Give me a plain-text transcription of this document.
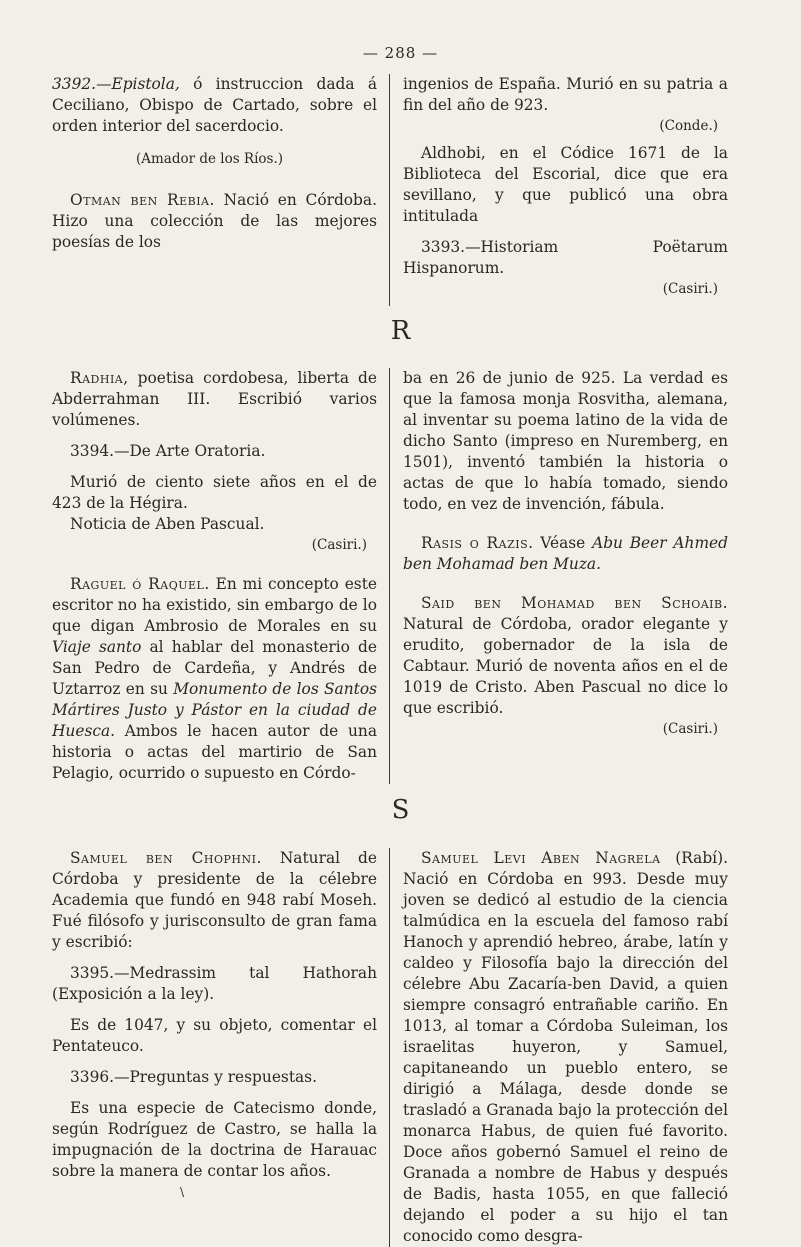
— 288 —

3392.—Epistola, ó instruccion dada á Ceciliano, Obispo de Cartado, sobre el orden interior del sacerdocio.

(Amador de los Ríos.)

Otman ben Rebia. Nació en Córdoba. Hizo una colección de las mejores poesías de los

ingenios de España. Murió en su patria a fin del año de 923.

(Conde.)

Aldhobi, en el Códice 1671 de la Biblioteca del Escorial, dice que era sevillano, y que publicó una obra intitulada

3393.—Historiam Poëtarum Hispanorum.

(Casiri.)

R

Radhia, poetisa cordobesa, liberta de Abderrahman III. Escribió varios volúmenes.

3394.—De Arte Oratoria.

Murió de ciento siete años en el de 423 de la Hégira.

Noticia de Aben Pascual.

(Casiri.)

Raguel ó Raquel. En mi concepto este escritor no ha existido, sin embargo de lo que digan Ambrosio de Morales en su Viaje santo al hablar del monasterio de San Pedro de Cardeña, y Andrés de Uztarroz en su Monumento de los Santos Mártires Justo y Pástor en la ciudad de Huesca. Ambos le hacen autor de una historia o actas del martirio de San Pelagio, ocurrido o supuesto en Córdo-

ba en 26 de junio de 925. La verdad es que la famosa monja Rosvitha, alemana, al inventar su poema latino de la vida de dicho Santo (impreso en Nuremberg, en 1501), inventó también la historia o actas de que lo había tomado, siendo todo, en vez de invención, fábula.

Rasis o Razis. Véase Abu Beer Ahmed ben Mohamad ben Muza.

Said ben Mohamad ben Schoaib. Natural de Córdoba, orador elegante y erudito, gobernador de la isla de Cabtaur. Murió de noventa años en el de 1019 de Cristo. Aben Pascual no dice lo que escribió.

(Casiri.)

S

Samuel ben Chophni. Natural de Córdoba y presidente de la célebre Academia que fundó en 948 rabí Moseh. Fué filósofo y jurisconsulto de gran fama y escribió:

3395.—Medrassim tal Hathorah (Exposición a la ley).

Es de 1047, y su objeto, comentar el Pentateuco.

3396.—Preguntas y respuestas.

Es una especie de Catecismo donde, según Rodríguez de Castro, se halla la impugnación de la doctrina de Harauac sobre la manera de contar los años.

\

Samuel Levi Aben Nagrela (Rabí). Nació en Córdoba en 993. Desde muy joven se dedicó al estudio de la ciencia talmúdica en la escuela del famoso rabí Hanoch y aprendió hebreo, árabe, latín y caldeo y Filosofía bajo la dirección del célebre Abu Zacaría-ben David, a quien siempre consagró entrañable cariño. En 1013, al tomar a Córdoba Suleiman, los israelitas huyeron, y Samuel, capitaneando un pueblo entero, se dirigió a Málaga, desde donde se trasladó a Granada bajo la protección del monarca Habus, de quien fué favorito. Doce años gobernó Samuel el reino de Granada a nombre de Habus y después de Badis, hasta 1055, en que falleció dejando el poder a su hijo el tan conocido como desgra-
